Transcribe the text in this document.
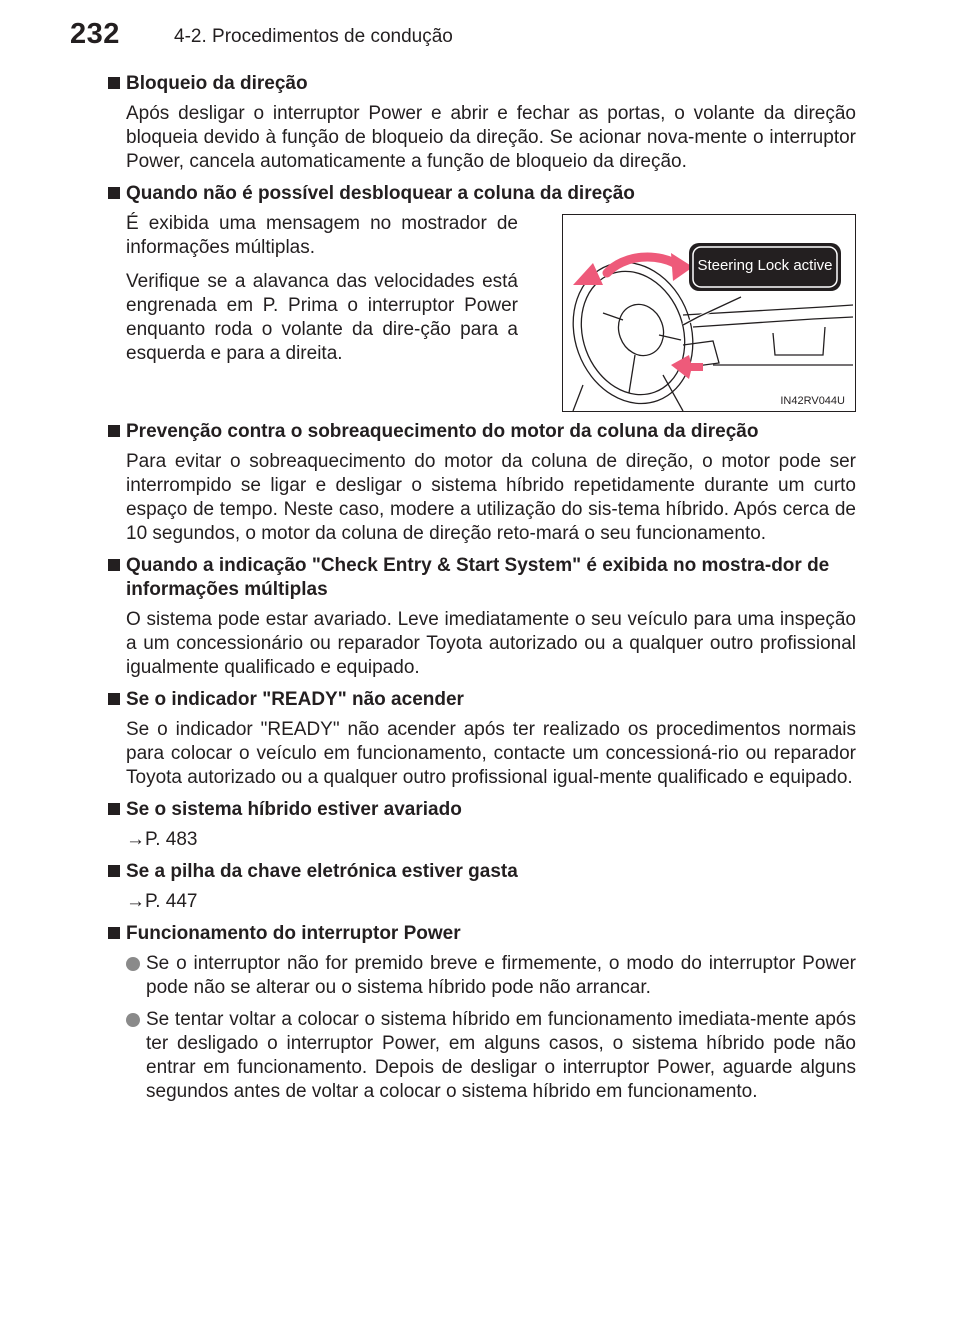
232	4-2. Procedimentos de condução
Bloqueio da direção
Após desligar o interruptor Power e abrir e fechar as portas, o volante da direção bloqueia devido à função de bloqueio da direção. Se acionar nova-mente o interruptor Power, cancela automaticamente a função de bloqueio da direção.
Quando não é possível desbloquear a coluna da direção
É exibida uma mensagem no mostrador de informações múltiplas.
Verifique se a alavanca das velocidades está engrenada em P. Prima o interruptor Power enquanto roda o volante da dire-ção para a esquerda e para a direita.
Steering Lock active
IN42RV044U
Prevenção contra o sobreaquecimento do motor da coluna da direção
Para evitar o sobreaquecimento do motor da coluna de direção, o motor pode ser interrompido se ligar e desligar o sistema híbrido repetidamente durante um curto espaço de tempo. Neste caso, modere a utilização do sis-tema híbrido. Após cerca de 10 segundos, o motor da coluna de direção reto-mará o seu funcionamento.
Quando a indicação "Check Entry & Start System" é exibida no mostra-dor de informações múltiplas
O sistema pode estar avariado. Leve imediatamente o seu veículo para uma inspeção a um concessionário ou reparador Toyota autorizado ou a qualquer outro profissional igualmente qualificado e equipado.
Se o indicador "READY" não acender
Se o indicador "READY" não acender após ter realizado os procedimentos normais para colocar o veículo em funcionamento, contacte um concessioná-rio ou reparador Toyota autorizado ou a qualquer outro profissional igual-mente qualificado e equipado.
Se o sistema híbrido estiver avariado
→P. 483
Se a pilha da chave eletrónica estiver gasta
→P. 447
Funcionamento do interruptor Power
Se o interruptor não for premido breve e firmemente, o modo do interruptor Power pode não se alterar ou o sistema híbrido pode não arrancar.
Se tentar voltar a colocar o sistema híbrido em funcionamento imediata-mente após ter desligado o interruptor Power, em alguns casos, o sistema híbrido pode não entrar em funcionamento. Depois de desligar o interruptor Power, aguarde alguns segundos antes de voltar a colocar o sistema híbrido em funcionamento.
